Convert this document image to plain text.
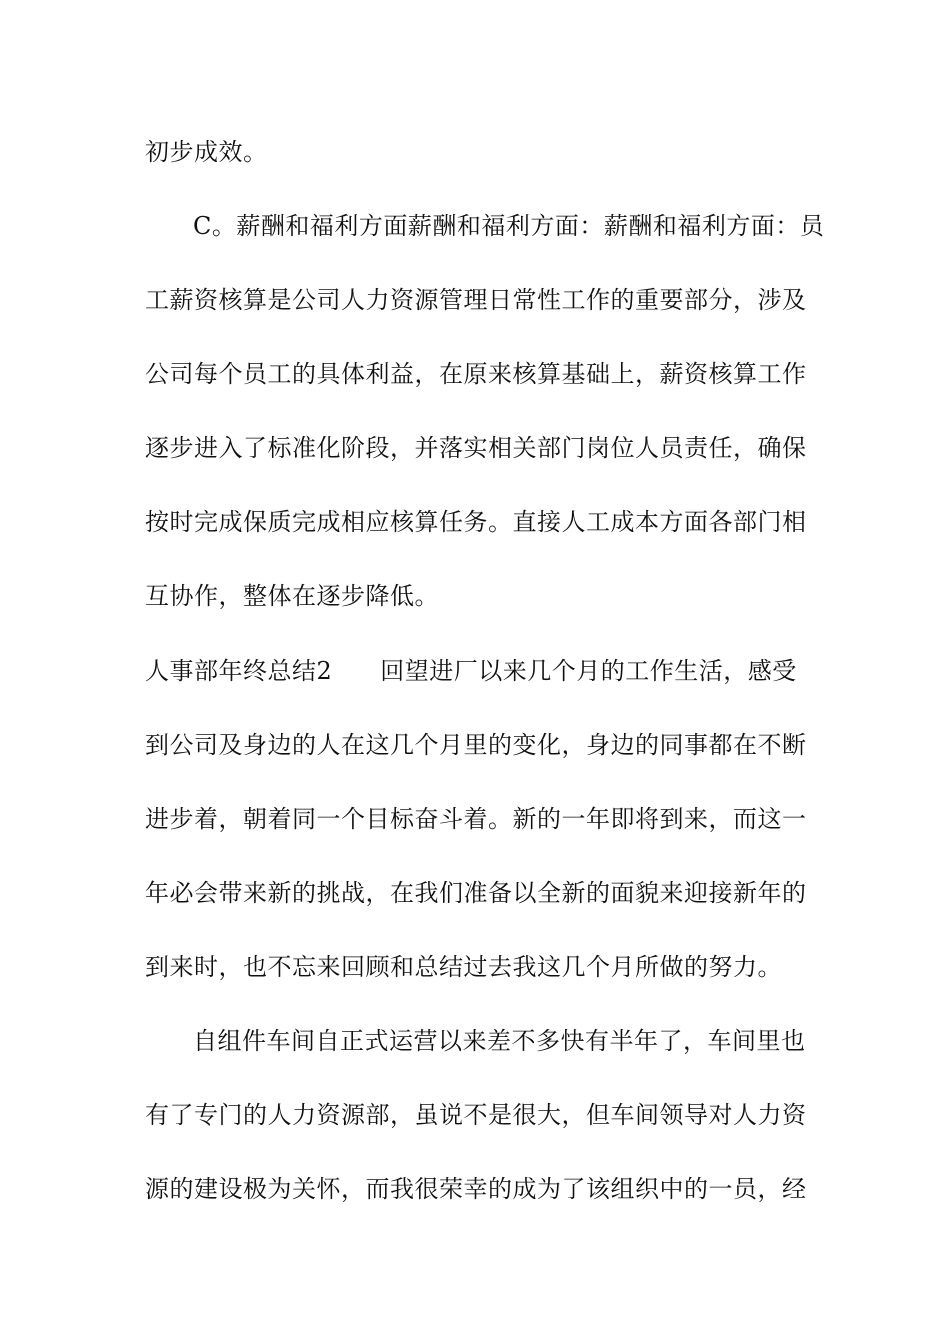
初步成效。
C。薪酬和福利方面薪酬和福利方面：薪酬和福利方面：员
工薪资核算是公司人力资源管理日常性工作的重要部分，涉及
公司每个员工的具体利益，在原来核算基础上，薪资核算工作
逐步进入了标准化阶段，并落实相关部门岗位人员责任，确保
按时完成保质完成相应核算任务。直接人工成本方面各部门相
互协作，整体在逐步降低。
人事部年终总结2 回望进厂以来几个月的工作生活，感受
到公司及身边的人在这几个月里的变化，身边的同事都在不断
进步着，朝着同一个目标奋斗着。新的一年即将到来，而这一
年必会带来新的挑战，在我们准备以全新的面貌来迎接新年的
到来时，也不忘来回顾和总结过去我这几个月所做的努力。
自组件车间自正式运营以来差不多快有半年了，车间里也
有了专门的人力资源部，虽说不是很大，但车间领导对人力资
源的建设极为关怀，而我很荣幸的成为了该组织中的一员，经
